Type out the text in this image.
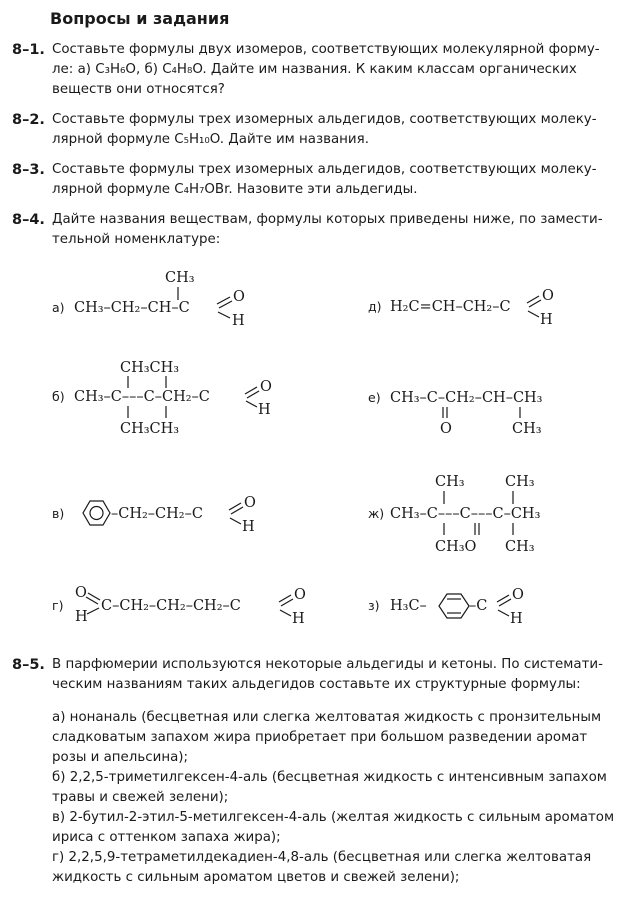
Вопросы и задания
8–1. Составьте формулы двух изомеров, соответствующих молекулярной форму-
ле: а) C₃H₆O, б) C₄H₈O. Дайте им названия. К каким классам органических
веществ они относятся?
8–2. Составьте формулы трех изомерных альдегидов, соответствующих молеку-
лярной формуле C₅H₁₀O. Дайте им названия.
8–3. Составьте формулы трех изомерных альдегидов, соответствующих молеку-
лярной формуле C₄H₇OBr. Назовите эти альдегиды.
8–4. Дайте названия веществам, формулы которых приведены ниже, по замести-
тельной номенклатуре:
а) CH₃–CH₂–CH–C
CH₃
O
H
б)
CH₃CH₃
CH₃–C–––C–CH₂–C
CH₃CH₃
O
H
в)	–CH₂–CH₂–C
O
H
г)
O
H
C–CH₂–CH₂–CH₂–C
O
H
д) H₂C=CH–CH₂–C
O
H
е) CH₃–C–CH₂–CH–CH₃
O	CH₃
ж)
CH₃	CH₃
CH₃–C–––C–––C–CH₃
CH₃O CH₃
з) H₃C–	–C
O
H
8–5. В парфюмерии используются некоторые альдегиды и кетоны. По системати-
ческим названиям таких альдегидов составьте их структурные формулы:
а) нонаналь (бесцветная или слегка желтоватая жидкость с пронзительным
сладковатым запахом жира приобретает при большом разведении аромат
розы и апельсина);
б) 2,2,5-триметилгексен-4-аль (бесцветная жидкость с интенсивным запахом
травы и свежей зелени);
в) 2-бутил-2-этил-5-метилгексен-4-аль (желтая жидкость с сильным ароматом
ириса с оттенком запаха жира);
г) 2,2,5,9-тетраметилдекадиен-4,8-аль (бесцветная или слегка желтоватая
жидкость с сильным ароматом цветов и свежей зелени);
